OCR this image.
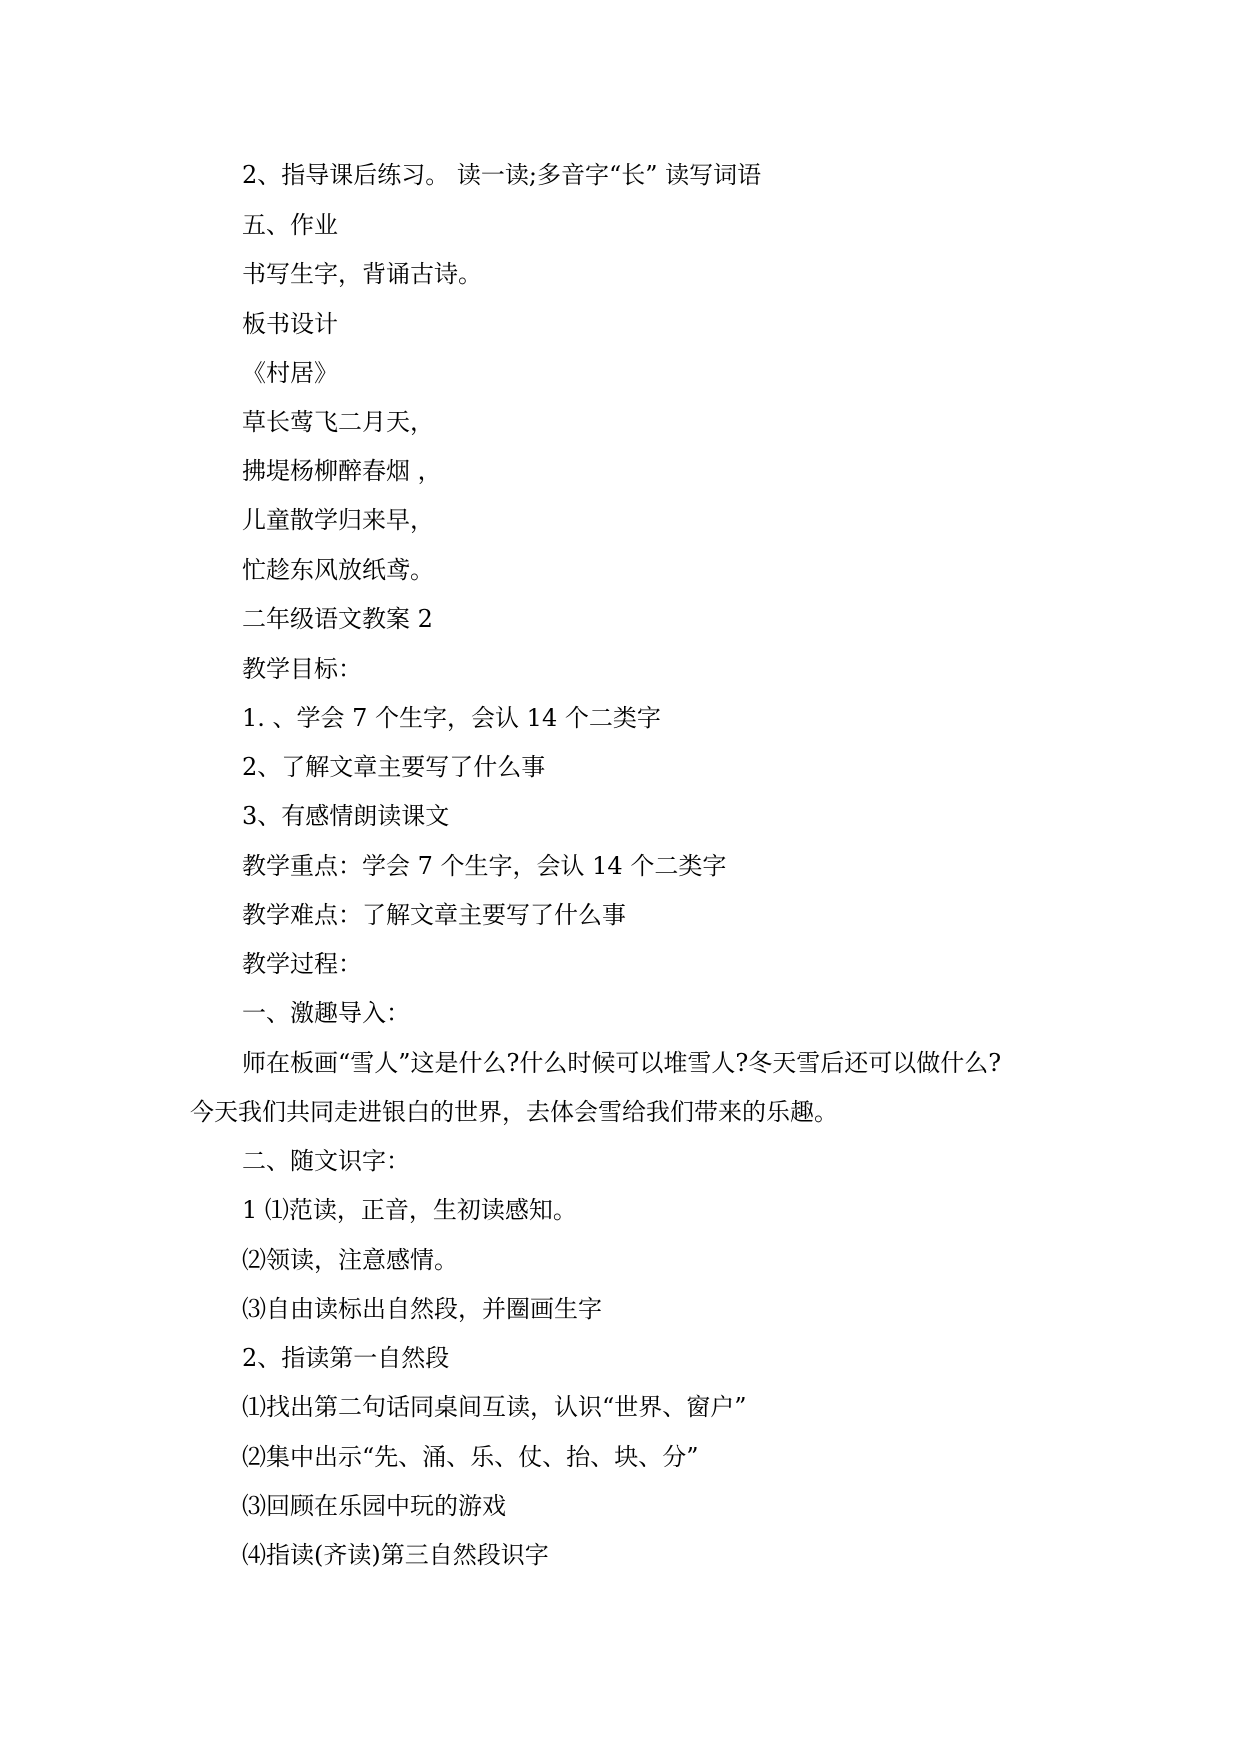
2、指导课后练习。 读一读;多音字“长” 读写词语
五、作业
书写生字，背诵古诗。
板书设计
《村居》
草长莺飞二月天，
拂堤杨柳醉春烟 ，
儿童散学归来早，
忙趁东风放纸鸢。
二年级语文教案 2
教学目标：
1. 、学会 7 个生字，会认 14 个二类字
2、了解文章主要写了什么事
3、有感情朗读课文
教学重点：学会 7 个生字，会认 14 个二类字
教学难点：了解文章主要写了什么事
教学过程：
一、激趣导入：
师在板画“雪人”这是什么?什么时候可以堆雪人?冬天雪后还可以做什么?
今天我们共同走进银白的世界，去体会雪给我们带来的乐趣。
二、随文识字：
1 ⑴范读，正音，生初读感知。
⑵领读，注意感情。
⑶自由读标出自然段，并圈画生字
2、指读第一自然段
⑴找出第二句话同桌间互读，认识“世界、窗户”
⑵集中出示“先、涌、乐、仗、抬、块、分”
⑶回顾在乐园中玩的游戏
⑷指读(齐读)第三自然段识字
